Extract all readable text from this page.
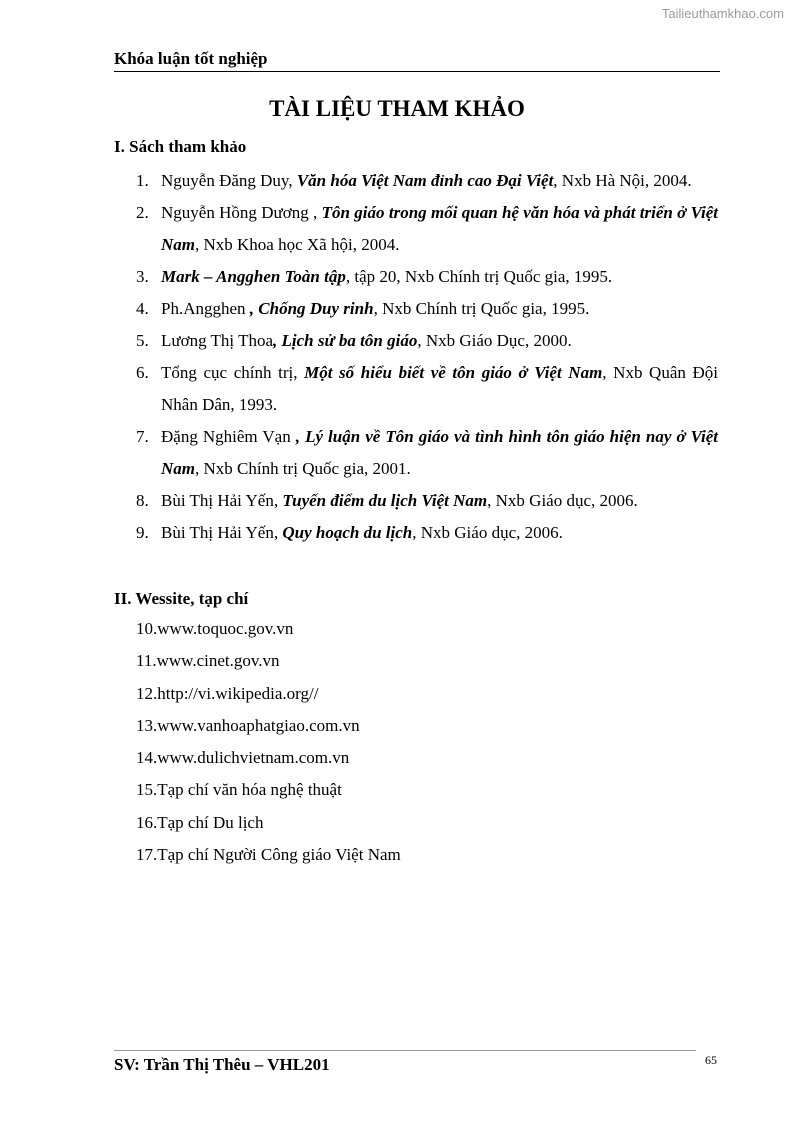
Tailieuthamkhao.com
Khóa luận tốt nghiệp
TÀI LIỆU THAM KHẢO
I. Sách tham khảo
1. Nguyễn Đăng Duy, Văn hóa Việt Nam đỉnh cao Đại Việt, Nxb Hà Nội, 2004.
2. Nguyễn Hồng Dương , Tôn giáo trong mối quan hệ văn hóa và phát triển ở Việt Nam, Nxb Khoa học Xã hội, 2004.
3. Mark – Angghen Toàn tập, tập 20, Nxb Chính trị Quốc gia, 1995.
4. Ph.Angghen , Chống Duy rinh, Nxb Chính trị Quốc gia, 1995.
5. Lương Thị Thoa, Lịch sử ba tôn giáo, Nxb Giáo Dục, 2000.
6. Tổng cục chính trị, Một số hiểu biết về tôn giáo ở Việt Nam, Nxb Quân Đội Nhân Dân, 1993.
7. Đặng Nghiêm Vạn , Lý luận về Tôn giáo và tình hình tôn giáo hiện nay ở Việt Nam, Nxb Chính trị Quốc gia, 2001.
8. Bùi Thị Hải Yến, Tuyến điểm du lịch Việt Nam, Nxb Giáo dục, 2006.
9. Bùi Thị Hải Yến, Quy hoạch du lịch, Nxb Giáo dục, 2006.
II. Wessite, tạp chí
10.www.toquoc.gov.vn
11.www.cinet.gov.vn
12.http://vi.wikipedia.org//
13.www.vanhoaphatgiao.com.vn
14.www.dulichvietnam.com.vn
15.Tạp chí văn hóa nghệ thuật
16.Tạp chí Du lịch
17.Tạp chí Người Công giáo Việt Nam
SV: Trần Thị Thêu – VHL201	65
